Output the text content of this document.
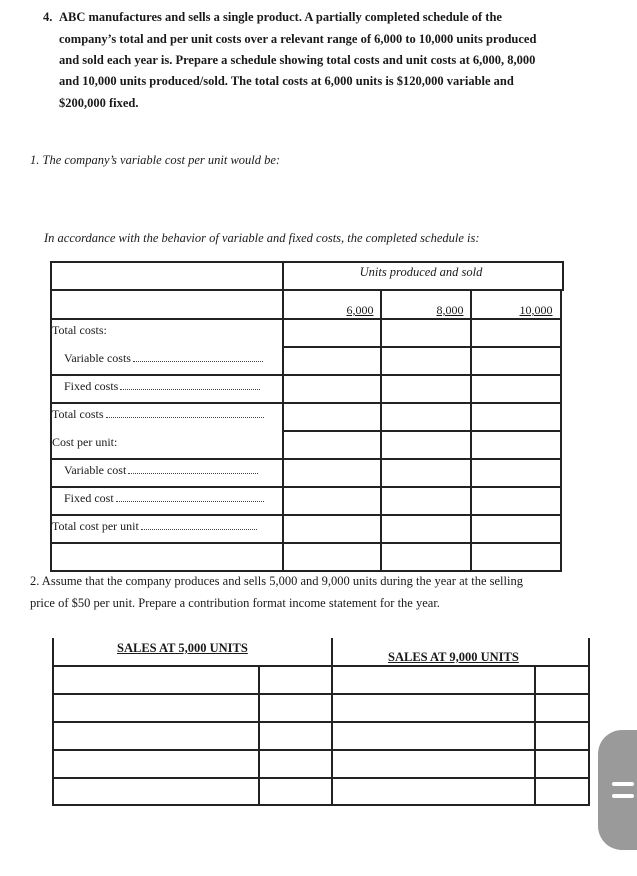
4. ABC manufactures and sells a single product. A partially completed schedule of the
company’s total and per unit costs over a relevant range of 6,000 to 10,000 units produced
and sold each year is. Prepare a schedule showing total costs and unit costs at 6,000, 8,000
and 10,000 units produced/sold. The total costs at 6,000 units is $120,000 variable and
$200,000 fixed.
1. The company’s variable cost per unit would be:
In accordance with the behavior of variable and fixed costs, the completed schedule is:
Units produced and sold
6,000	8,000	10,000
Total costs:
Variable costs
Fixed costs
Total costs
Cost per unit:
Variable cost
Fixed cost
Total cost per unit
2. Assume that the company produces and sells 5,000 and 9,000 units during the year at the selling
price of $50 per unit. Prepare a contribution format income statement for the year.
SALES AT 5,000 UNITS
SALES AT 9,000 UNITS
